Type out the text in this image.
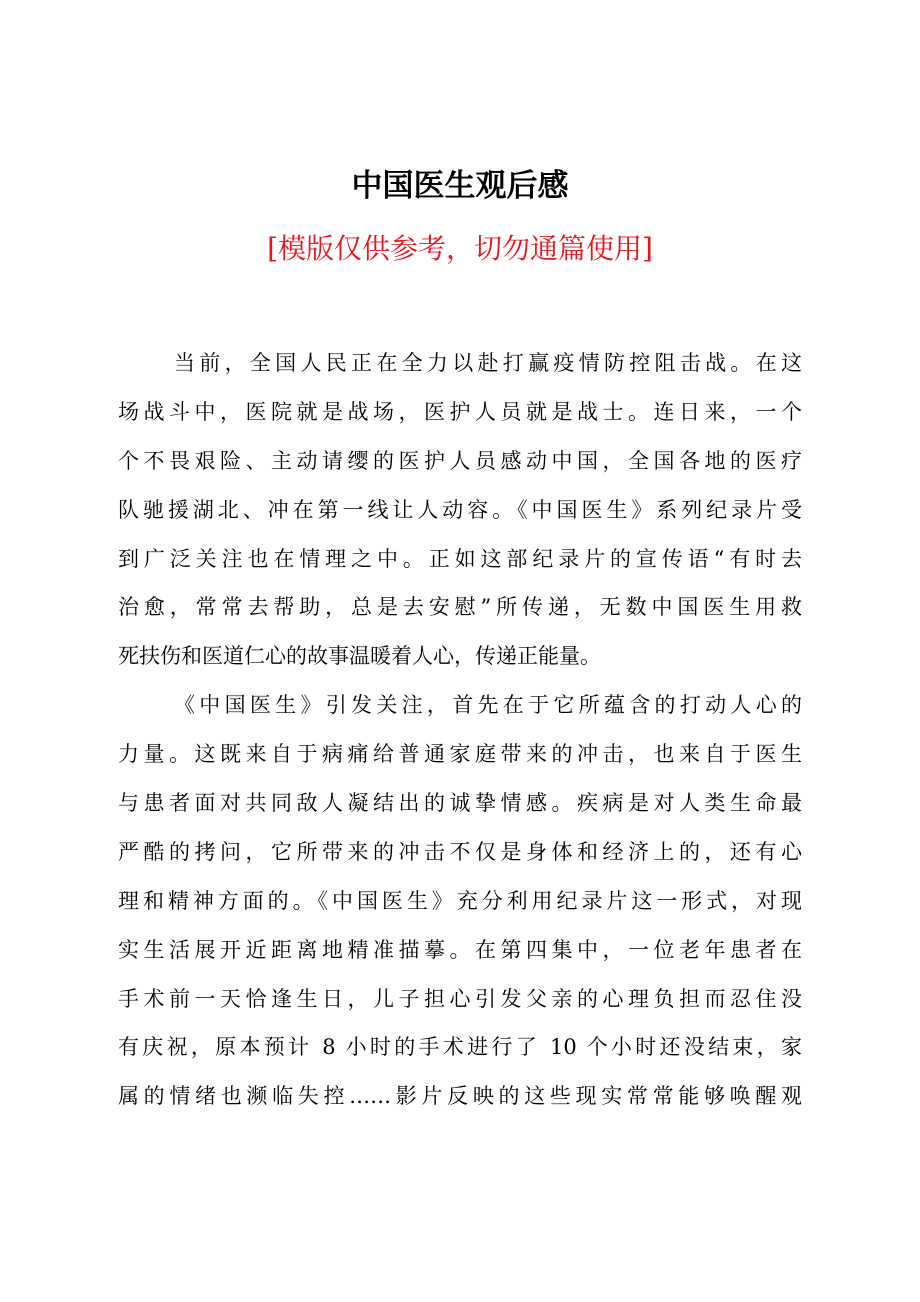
中国医生观后感
[模版仅供参考，切勿通篇使用]
当前，全国人民正在全力以赴打赢疫情防控阻击战。在这
场战斗中，医院就是战场，医护人员就是战士。连日来，一个
个不畏艰险、主动请缨的医护人员感动中国，全国各地的医疗
队驰援湖北、冲在第一线让人动容。《中国医生》系列纪录片受
到广泛关注也在情理之中。正如这部纪录片的宣传语“有时去
治愈，常常去帮助，总是去安慰”所传递，无数中国医生用救
死扶伤和医道仁心的故事温暖着人心，传递正能量。
《中国医生》引发关注，首先在于它所蕴含的打动人心的
力量。这既来自于病痛给普通家庭带来的冲击，也来自于医生
与患者面对共同敌人凝结出的诚挚情感。疾病是对人类生命最
严酷的拷问，它所带来的冲击不仅是身体和经济上的，还有心
理和精神方面的。《中国医生》充分利用纪录片这一形式，对现
实生活展开近距离地精准描摹。在第四集中，一位老年患者在
手术前一天恰逢生日，儿子担心引发父亲的心理负担而忍住没
有庆祝，原本预计 8 小时的手术进行了 10 个小时还没结束，家
属的情绪也濒临失控……影片反映的这些现实常常能够唤醒观
